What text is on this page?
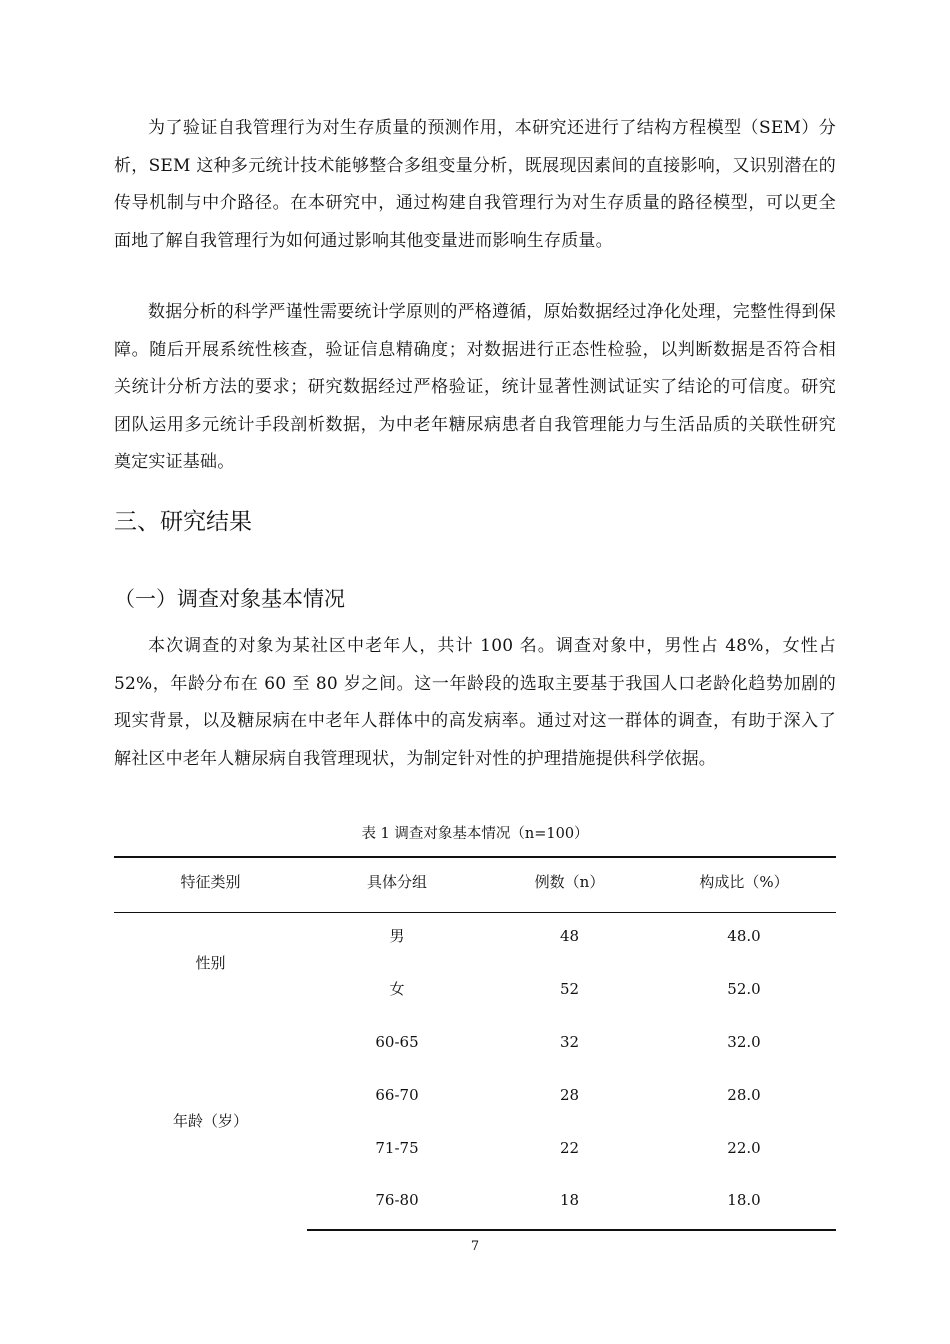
为了验证自我管理行为对生存质量的预测作用，本研究还进行了结构方程模型（SEM）分析，SEM 这种多元统计技术能够整合多组变量分析，既展现因素间的直接影响，又识别潜在的传导机制与中介路径。在本研究中，通过构建自我管理行为对生存质量的路径模型，可以更全面地了解自我管理行为如何通过影响其他变量进而影响生存质量。

数据分析的科学严谨性需要统计学原则的严格遵循，原始数据经过净化处理，完整性得到保障。随后开展系统性核查，验证信息精确度；对数据进行正态性检验，以判断数据是否符合相关统计分析方法的要求；研究数据经过严格验证，统计显著性测试证实了结论的可信度。研究团队运用多元统计手段剖析数据，为中老年糖尿病患者自我管理能力与生活品质的关联性研究奠定实证基础。

三、研究结果
（一）调查对象基本情况

本次调查的对象为某社区中老年人，共计 100 名。调查对象中，男性占 48%，女性占 52%，年龄分布在 60 至 80 岁之间。这一年龄段的选取主要基于我国人口老龄化趋势加剧的现实背景，以及糖尿病在中老年人群体中的高发病率。通过对这一群体的调查，有助于深入了解社区中老年人糖尿病自我管理现状，为制定针对性的护理措施提供科学依据。

表 1 调查对象基本情况（n=100）
特征类别	具体分组	例数（n）	构成比（%）
性别
男	48	48.0
女	52	52.0
年龄（岁）
60-65	32	32.0
66-70	28	28.0
71-75	22	22.0
76-80	18	18.0
7
